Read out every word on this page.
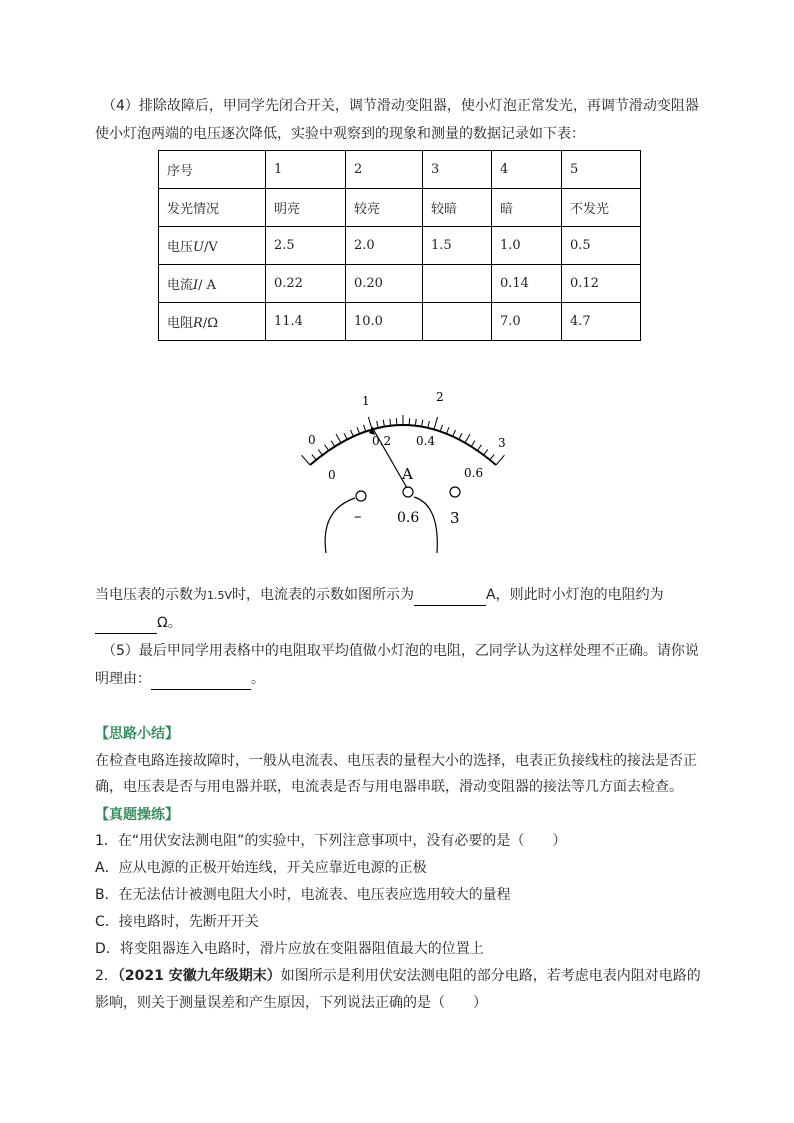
（4）排除故障后，甲同学先闭合开关，调节滑动变阻器，使小灯泡正常发光，再调节滑动变阻器
使小灯泡两端的电压逐次降低，实验中观察到的现象和测量的数据记录如下表：
序号	1	2	3	4	5
发光情况	明亮	较亮	较暗	暗	不发光
电压U/V	2.5	2.0	1.5	1.0	0.5
电流I/ A	0.22	0.20		0.14	0.12
电阻R/Ω	11.4	10.0		7.0	4.7
0
1	2
3
0
0.2 0.4
0.6
A
–	0.6 3
当电压表的示数为1.5V时，电流表的示数如图所示为	A，则此时小灯泡的电阻约为
Ω。
（5）最后甲同学用表格中的电阻取平均值做小灯泡的电阻，乙同学认为这样处理不正确。请你说
明理由：	。
【思路小结】
在检查电路连接故障时，一般从电流表、电压表的量程大小的选择，电表正负接线柱的接法是否正
确，电压表是否与用电器并联，电流表是否与用电器串联，滑动变阻器的接法等几方面去检查。
【真题操练】
1．在“用伏安法测电阻”的实验中，下列注意事项中，没有必要的是（　　）
A．应从电源的正极开始连线，开关应靠近电源的正极
B．在无法估计被测电阻大小时，电流表、电压表应选用较大的量程
C．接电路时，先断开开关
D．将变阻器连入电路时，滑片应放在变阻器阻值最大的位置上
2．（2021 安徽九年级期末）如图所示是利用伏安法测电阻的部分电路，若考虑电表内阻对电路的
影响，则关于测量误差和产生原因，下列说法正确的是（　　）
